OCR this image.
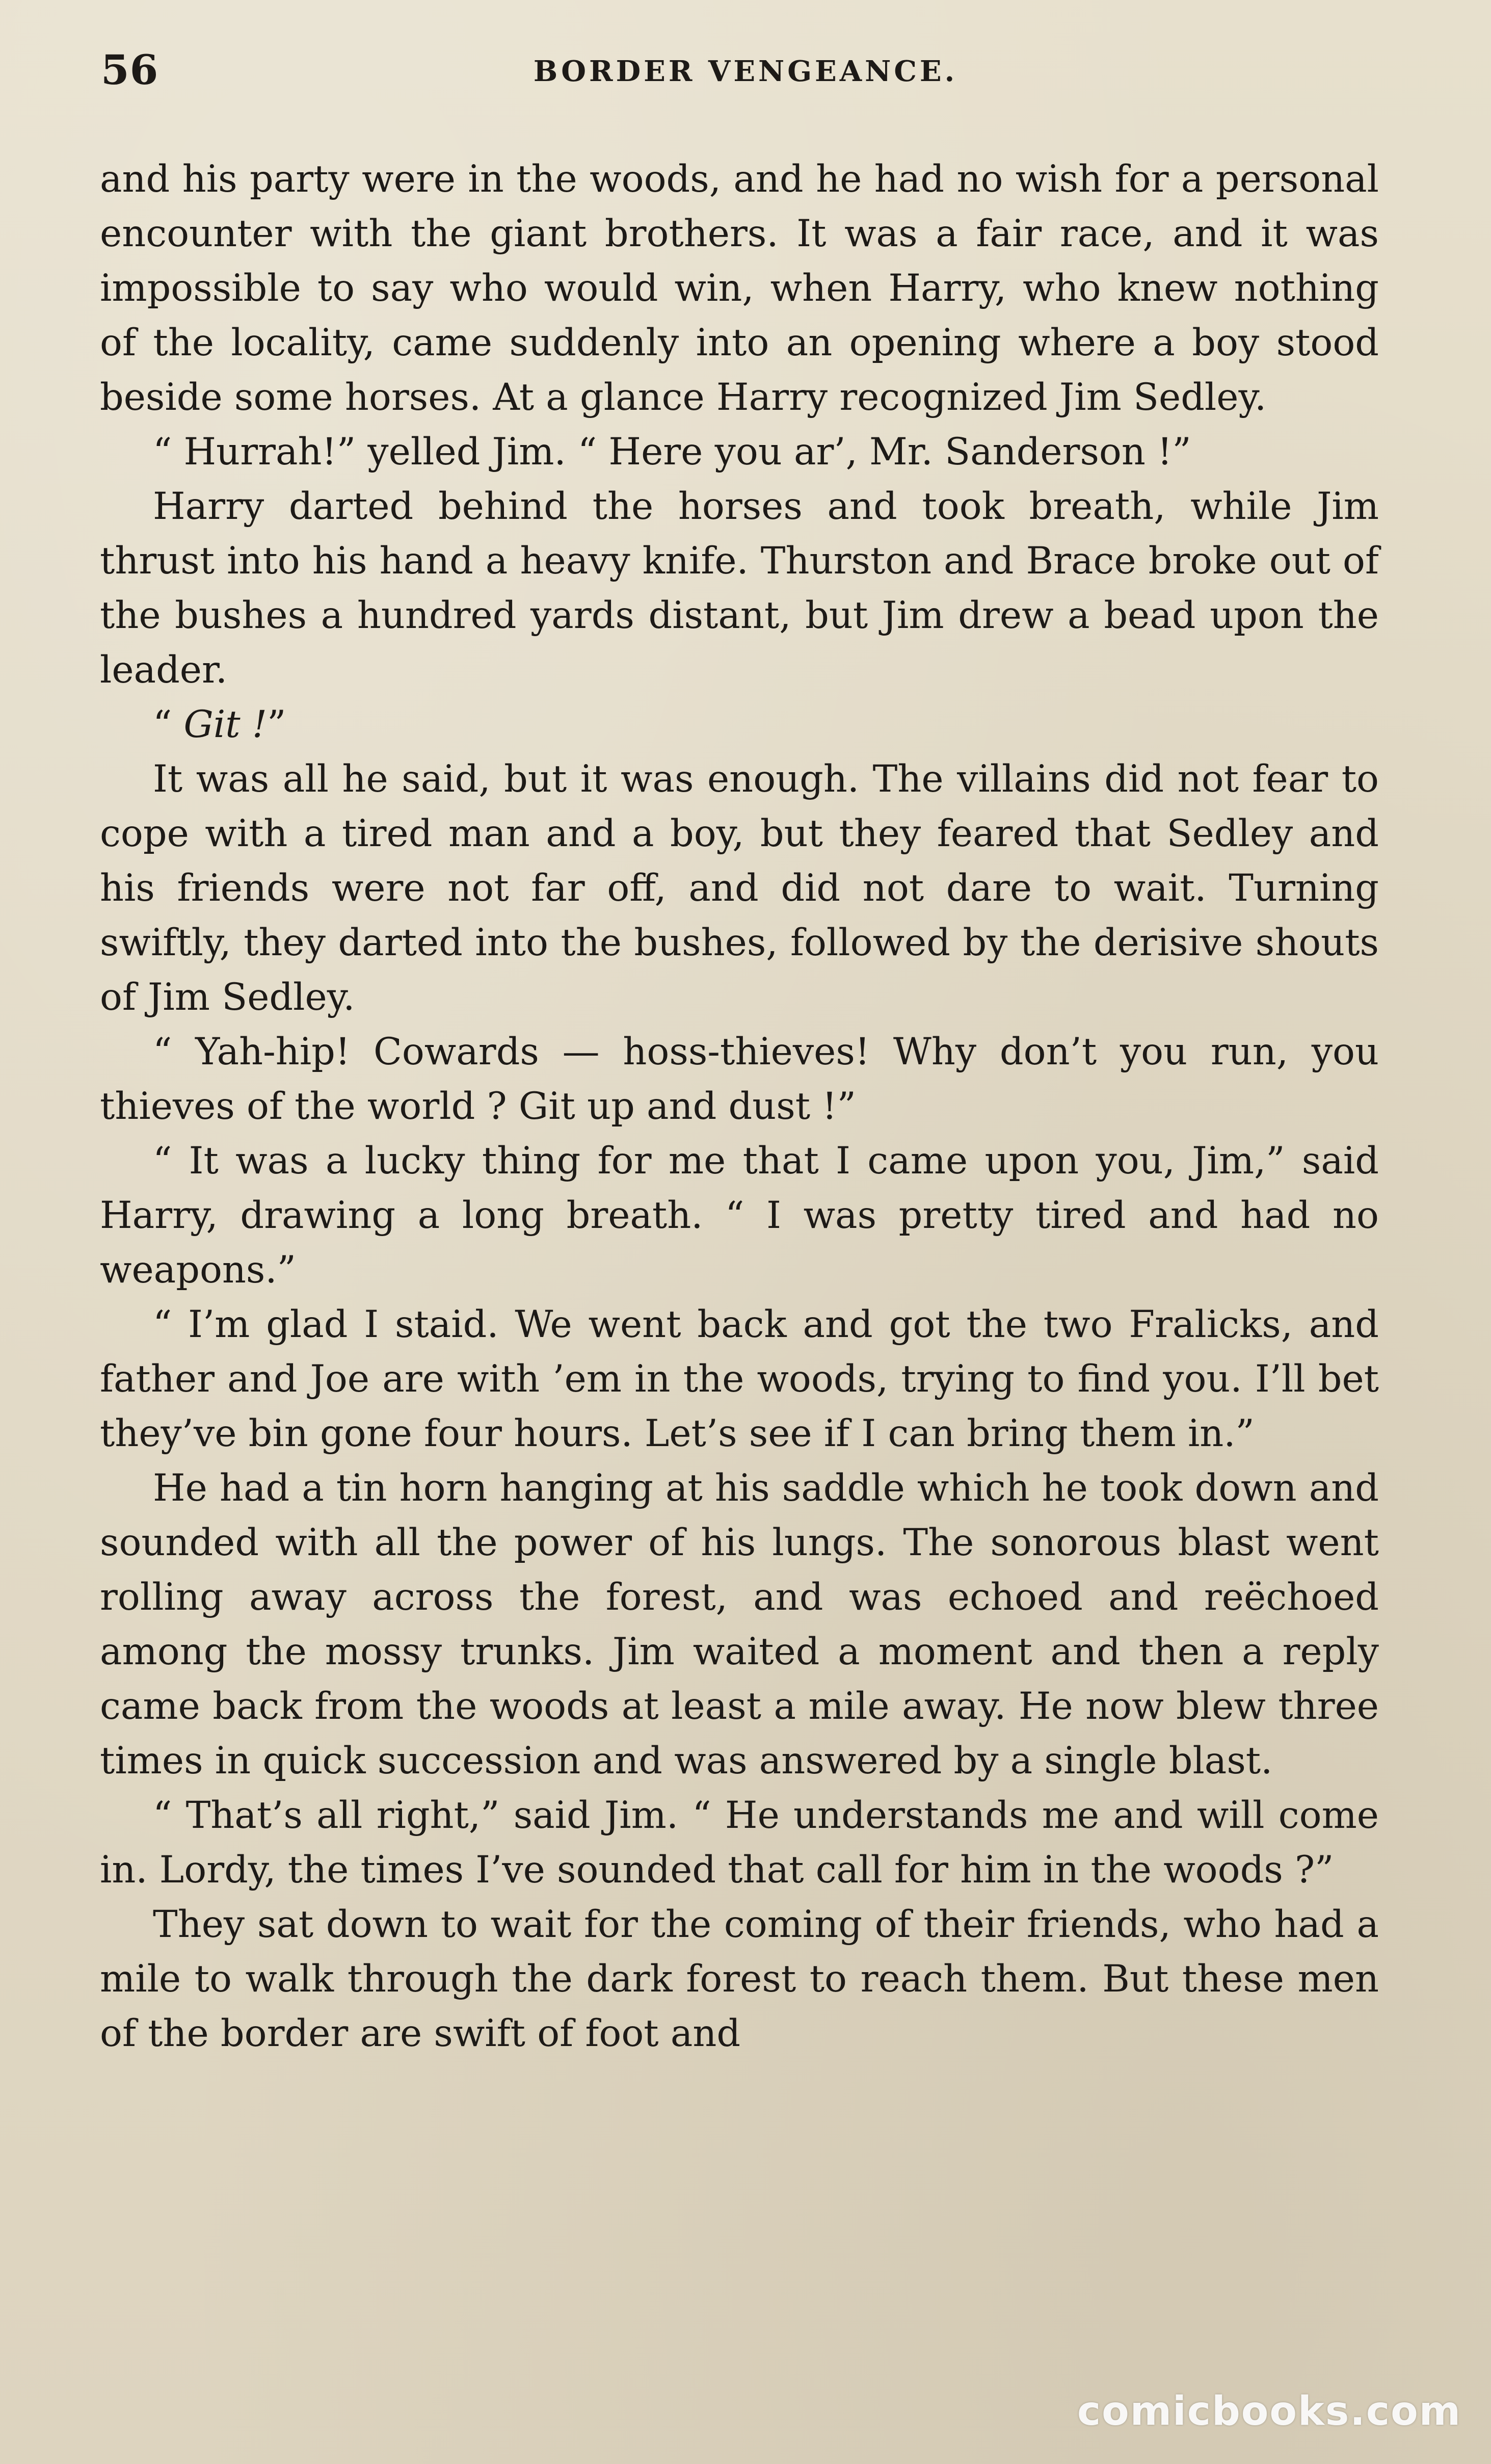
56	BORDER VENGEANCE.

and his party were in the woods, and he had no wish for a personal encounter with the giant brothers. It was a fair race, and it was impossible to say who would win, when Harry, who knew nothing of the locality, came suddenly into an opening where a boy stood beside some horses. At a glance Harry recognized Jim Sedley.

“ Hurrah!” yelled Jim. “ Here you ar’, Mr. Sanderson !”

Harry darted behind the horses and took breath, while Jim thrust into his hand a heavy knife. Thurston and Brace broke out of the bushes a hundred yards distant, but Jim drew a bead upon the leader.

“ Git !”

It was all he said, but it was enough. The villains did not fear to cope with a tired man and a boy, but they feared that Sedley and his friends were not far off, and did not dare to wait. Turning swiftly, they darted into the bushes, followed by the derisive shouts of Jim Sedley.

“ Yah-hip! Cowards — hoss-thieves! Why don’t you run, you thieves of the world ? Git up and dust !”

“ It was a lucky thing for me that I came upon you, Jim,” said Harry, drawing a long breath. “ I was pretty tired and had no weapons.”

“ I’m glad I staid. We went back and got the two Fralicks, and father and Joe are with ’em in the woods, trying to find you. I’ll bet they’ve bin gone four hours. Let’s see if I can bring them in.”

He had a tin horn hanging at his saddle which he took down and sounded with all the power of his lungs. The sonorous blast went rolling away across the forest, and was echoed and reëchoed among the mossy trunks. Jim waited a moment and then a reply came back from the woods at least a mile away. He now blew three times in quick succession and was answered by a single blast.

“ That’s all right,” said Jim. “ He understands me and will come in. Lordy, the times I’ve sounded that call for him in the woods ?”

They sat down to wait for the coming of their friends, who had a mile to walk through the dark forest to reach them. But these men of the border are swift of foot and

comicbooks.com
